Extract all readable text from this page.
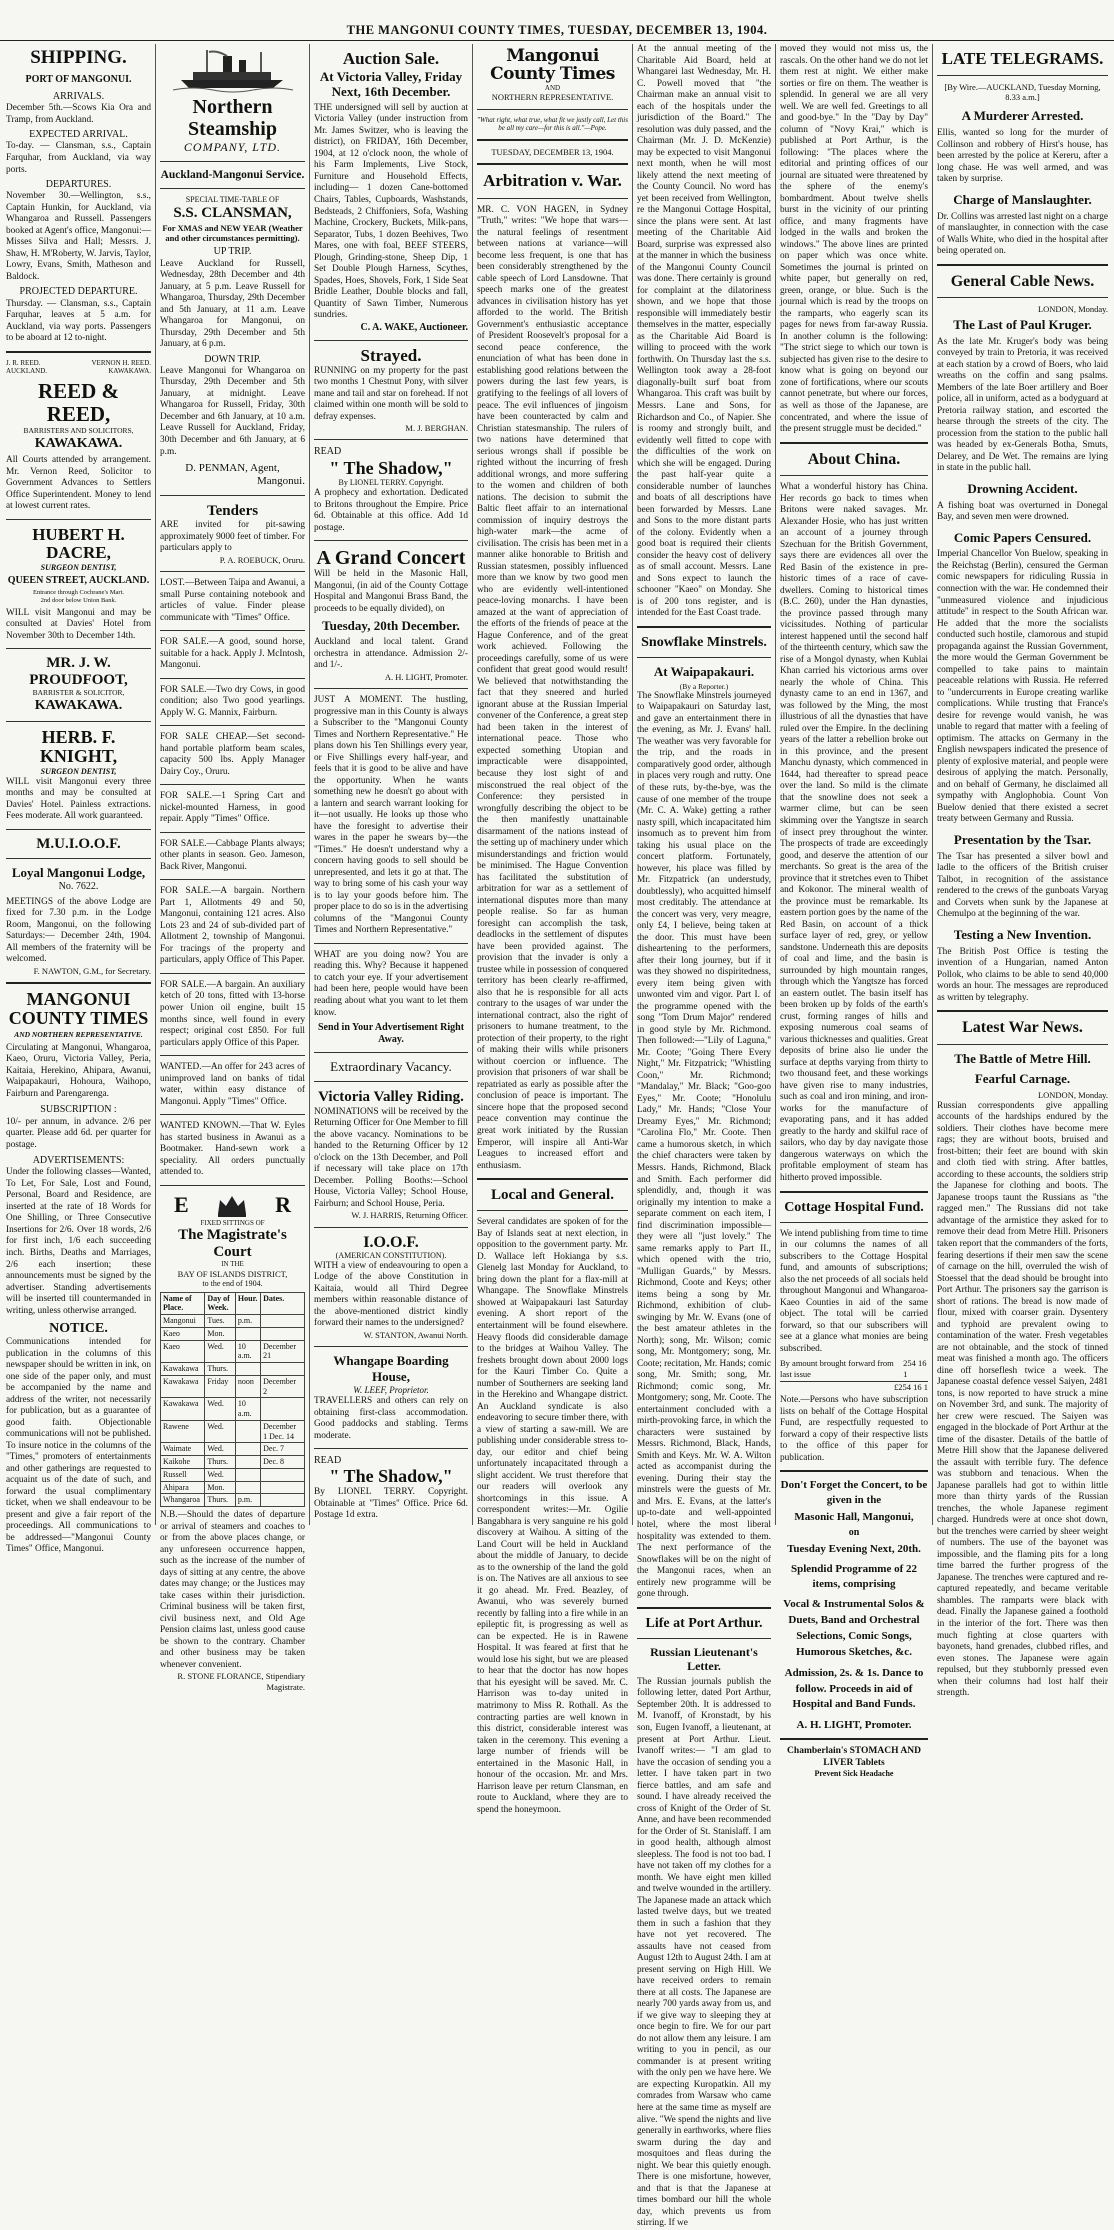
THE MANGONUI COUNTY TIMES, TUESDAY, DECEMBER 13, 1904.
SHIPPING.
PORT OF MANGONUI.
ARRIVALS.
December 5th.—Scows Kia Ora and Tramp, from Auckland.
EXPECTED ARRIVAL.
To-day. — Clansman, s.s., Captain Farquhar, from Auckland, via way ports.
DEPARTURES.
November 30.—Wellington, s.s., Captain Hunkin, for Auckland, via Whangaroa and Russell. Passengers booked at Agent's office, Mangonui:—Misses Silva and Hall; Messrs. J. Shaw, H. M'Roberty, W. Jarvis, Taylor, Lowry, Evans, Smith, Matheson and Baldock.
PROJECTED DEPARTURE.
Thursday. — Clansman, s.s., Captain Farquhar, leaves at 5 a.m. for Auckland, via way ports. Passengers to be aboard at 12 to-night.
J. R. REED.
AUCKLAND.
VERNON H. REED.
KAWAKAWA.
REED & REED,
BARRISTERS AND SOLICITORS,
KAWAKAWA.
All Courts attended by arrangement. Mr. Vernon Reed, Solicitor to Government Advances to Settlers Office Superintendent. Money to lend at lowest current rates.
HUBERT H. DACRE,
SURGEON DENTIST,
QUEEN STREET, AUCKLAND.
Entrance through Cochrane's Mart.
2nd door below Union Bank.
WILL visit Mangonui and may be consulted at Davies' Hotel from November 30th to December 14th.
MR. J. W. PROUDFOOT,
BARRISTER & SOLICITOR,
KAWAKAWA.
HERB. F. KNIGHT,
SURGEON DENTIST,
WILL visit Mangonui every three months and may be consulted at Davies' Hotel. Painless extractions. Fees moderate. All work guaranteed.
M.U.I.O.O.F.
Loyal Mangonui Lodge,
No. 7622.
MEETINGS of the above Lodge are fixed for 7.30 p.m. in the Lodge Room, Mangonui, on the following Saturdays:— December 24th, 1904. All members of the fraternity will be welcomed.
F. NAWTON, G.M., for Secretary.
MANGONUI COUNTY TIMES
AND NORTHERN REPRESENTATIVE.
Circulating at Mangonui, Whangaroa, Kaeo, Oruru, Victoria Valley, Peria, Kaitaia, Herekino, Ahipara, Awanui, Waipapakauri, Hohoura, Waihopo, Fairburn and Parengarenga.
SUBSCRIPTION :
10/- per annum, in advance. 2/6 per quarter. Please add 6d. per quarter for postage.
ADVERTISEMENTS:
Under the following classes—Wanted, To Let, For Sale, Lost and Found, Personal, Board and Residence, are inserted at the rate of 18 Words for One Shilling, or Three Consecutive Insertions for 2/6. Over 18 words, 2/6 for first inch, 1/6 each succeeding inch. Births, Deaths and Marriages, 2/6 each insertion; these announcements must be signed by the advertiser. Standing advertisements will be inserted till countermanded in writing, unless otherwise arranged.
NOTICE.
Communications intended for publication in the columns of this newspaper should be written in ink, on one side of the paper only, and must be accompanied by the name and address of the writer, not necessarily for publication, but as a guarantee of good faith. Objectionable communications will not be published. To insure notice in the columns of the "Times," promoters of entertainments and other gatherings are requested to acquaint us of the date of such, and forward the usual complimentary ticket, when we shall endeavour to be present and give a fair report of the proceedings. All communications to be addressed—"Mangonui County Times" Office, Mangonui.
Northern Steamship
COMPANY, LTD.
Auckland-Mangonui Service.
SPECIAL TIME-TABLE OF
S.S. CLANSMAN,
For XMAS and NEW YEAR (Weather and other circumstances permitting).
UP TRIP.
Leave Auckland for Russell, Wednesday, 28th December and 4th January, at 5 p.m. Leave Russell for Whangaroa, Thursday, 29th December and 5th January, at 11 a.m. Leave Whangaroa for Mangonui, on Thursday, 29th December and 5th January, at 6 p.m.
DOWN TRIP.
Leave Mangonui for Whangaroa on Thursday, 29th December and 5th January, at midnight. Leave Whangaroa for Russell, Friday, 30th December and 6th January, at 10 a.m. Leave Russell for Auckland, Friday, 30th December and 6th January, at 6 p.m.
D. PENMAN, Agent,
Mangonui.
Tenders
ARE invited for pit-sawing approximately 9000 feet of timber. For particulars apply to
P. A. ROEBUCK, Oruru.
LOST.—Between Taipa and Awanui, a small Purse containing notebook and articles of value. Finder please communicate with "Times" Office.
FOR SALE.—A good, sound horse, suitable for a hack. Apply J. McIntosh, Mangonui.
FOR SALE.—Two dry Cows, in good condition; also Two good yearlings. Apply W. G. Mannix, Fairburn.
FOR SALE CHEAP.—Set second-hand portable platform beam scales, capacity 500 lbs. Apply Manager Dairy Coy., Oruru.
FOR SALE.—1 Spring Cart and nickel-mounted Harness, in good repair. Apply "Times" Office.
FOR SALE.—Cabbage Plants always; other plants in season. Geo. Jameson, Back River, Mangonui.
FOR SALE.—A bargain. Northern Part 1, Allotments 49 and 50, Mangonui, containing 121 acres. Also Lots 23 and 24 of sub-divided part of Allotment 2, township of Mangonui. For tracings of the property and particulars, apply Office of This Paper.
FOR SALE.—A bargain. An auxiliary ketch of 20 tons, fitted with 13-horse power Union oil engine, built 15 months since, well found in every respect; original cost £850. For full particulars apply Office of this Paper.
WANTED.—An offer for 243 acres of unimproved land on banks of tidal water, within easy distance of Mangonui. Apply "Times" Office.
WANTED KNOWN.—That W. Eyles has started business in Awanui as a Bootmaker. Hand-sewn work a speciality. All orders punctually attended to.
E	R
FIXED SITTINGS OF
The Magistrate's Court
IN THE
BAY OF ISLANDS DISTRICT,
to the end of 1904.
Name of Place.	Day of Week.	Hour.	Dates.
Mangonui	Tues.	p.m.	
Kaeo	Mon.		
Kaeo	Wed.	10 a.m.	December 21
Kawakawa	Thurs.		
Kawakawa	Friday	noon	December 2
Kawakawa	Wed.	10 a.m.	
Rawene	Wed.		December 1 Dec. 14
Waimate	Wed.		Dec. 7
Kaikohe	Thurs.		Dec. 8
Russell	Wed.		
Ahipara	Mon.		
Whangaroa	Thurs.	p.m.	
N.B.—Should the dates of departure or arrival of steamers and coaches to or from the above places change, or any unforeseen occurrence happen, such as the increase of the number of days of sitting at any centre, the above dates may change; or the Justices may take cases within their jurisdiction. Criminal business will be taken first, civil business next, and Old Age Pension claims last, unless good cause be shown to the contrary. Chamber and other business may be taken whenever convenient.
R. STONE FLORANCE, Stipendiary Magistrate.
Auction Sale.
At Victoria Valley, Friday Next, 16th December.
THE undersigned will sell by auction at Victoria Valley (under instruction from Mr. James Switzer, who is leaving the district), on FRIDAY, 16th December, 1904, at 12 o'clock noon, the whole of his Farm Implements, Live Stock, Furniture and Household Effects, including— 1 dozen Cane-bottomed Chairs, Tables, Cupboards, Washstands, Bedsteads, 2 Chiffoniers, Sofa, Washing Machine, Crockery, Buckets, Milk-pans, Separator, Tubs, 1 dozen Beehives, Two Mares, one with foal, BEEF STEERS, Plough, Grinding-stone, Sheep Dip, 1 Set Double Plough Harness, Scythes, Spades, Hoes, Shovels, Fork, 1 Side Seat Bridle Leather, Double blocks and fall, Quantity of Sawn Timber, Numerous sundries.
C. A. WAKE, Auctioneer.
Strayed.
RUNNING on my property for the past two months 1 Chestnut Pony, with silver mane and tail and star on forehead. If not claimed within one month will be sold to defray expenses.
M. J. BERGHAN.
READ
" The Shadow,"
By LIONEL TERRY. Copyright.
A prophecy and exhortation. Dedicated to Britons throughout the Empire. Price 6d. Obtainable at this office. Add 1d postage.
A Grand Concert
Will be held in the Masonic Hall, Mangonui, (in aid of the County Cottage Hospital and Mangonui Brass Band, the proceeds to be equally divided), on
Tuesday, 20th December.
Auckland and local talent. Grand orchestra in attendance. Admission 2/- and 1/-.
A. H. LIGHT, Promoter.
JUST A MOMENT. The hustling, progressive man in this County is always a Subscriber to the "Mangonui County Times and Northern Representative." He plans down his Ten Shillings every year, or Five Shillings every half-year, and feels that it is good to be alive and have the opportunity. When he wants something new he doesn't go about with a lantern and search warrant looking for it—not usually. He looks up those who have the foresight to advertise their wares in the paper he swears by—the "Times." He doesn't understand why a concern having goods to sell should be unrepresented, and lets it go at that. The way to bring some of his cash your way is to lay your goods before him. The proper place to do so is in the advertising columns of the "Mangonui County Times and Northern Representative."
WHAT are you doing now? You are reading this. Why? Because it happened to catch your eye. If your advertisement had been here, people would have been reading about what you want to let them know.
Send in Your Advertisement Right Away.
Extraordinary Vacancy.
Victoria Valley Riding.
NOMINATIONS will be received by the Returning Officer for One Member to fill the above vacancy. Nominations to be handed to the Returning Officer by 12 o'clock on the 13th December, and Poll if necessary will take place on 17th December. Polling Booths:—School House, Victoria Valley; School House, Fairburn; and School House, Peria.
W. J. HARRIS, Returning Officer.
I.O.O.F.
(AMERICAN CONSTITUTION).
WITH a view of endeavouring to open a Lodge of the above Constitution in Kaitaia, would all Third Degree members within reasonable distance of the above-mentioned district kindly forward their names to the undersigned?
W. STANTON, Awanui North.
Whangape Boarding House,
W. LEEF, Proprietor.
TRAVELLERS and others can rely on obtaining first-class accommodation. Good paddocks and stabling. Terms moderate.
READ
" The Shadow,"
By LIONEL TERRY. Copyright. Obtainable at "Times" Office. Price 6d. Postage 1d extra.
Mangonui County Times
AND
NORTHERN REPRESENTATIVE.
"What right, what true, what fit we justly call, Let this be all my care—for this is all."—Pope.
TUESDAY, DECEMBER 13, 1904.
Arbitration v. War.
MR. C. VON HAGEN, in Sydney "Truth," writes: "We hope that wars—the natural feelings of resentment between nations at variance—will become less frequent, is one that has been considerably strengthened by the cable speech of Lord Lansdowne. That speech marks one of the greatest advances in civilisation history has yet afforded to the world. The British Government's enthusiastic acceptance of President Roosevelt's proposal for a second peace conference, the enunciation of what has been done in establishing good relations between the powers during the last few years, is gratifying to the feelings of all lovers of peace. The evil influences of jingoism have been counteracted by calm and Christian statesmanship. The rulers of two nations have determined that serious wrongs shall if possible be righted without the incurring of fresh additional wrongs, and more suffering to the women and children of both nations. The decision to submit the Baltic fleet affair to an international commission of inquiry destroys the high-water mark—the acme of civilisation. The crisis has been met in a manner alike honorable to British and Russian statesmen, possibly influenced more than we know by two good men who are evidently well-intentioned peace-loving monarchs. I have been amazed at the want of appreciation of the efforts of the friends of peace at the Hague Conference, and of the great work achieved. Following the proceedings carefully, some of us were confident that great good would result! We believed that notwithstanding the fact that they sneered and hurled ignorant abuse at the Russian Imperial convener of the Conference, a great step had been taken in the interest of international peace. Those who expected something Utopian and impracticable were disappointed, because they lost sight of and misconstrued the real object of the Conference: they persisted in wrongfully describing the object to be the then manifestly unattainable disarmament of the nations instead of the setting up of machinery under which misunderstandings and friction would be minimised. The Hague Convention has facilitated the substitution of arbitration for war as a settlement of international disputes more than many people realise. So far as human foresight can accomplish the task, deadlocks in the settlement of disputes have been provided against. The provision that the invader is only a trustee while in possession of conquered territory has been clearly re-affirmed, also that he is responsible for all acts contrary to the usages of war under the international contract, also the right of prisoners to humane treatment, to the protection of their property, to the right of making their wills while prisoners without coercion or influence. The provision that prisoners of war shall be repatriated as early as possible after the conclusion of peace is important. The sincere hope that the proposed second peace convention may continue the great work initiated by the Russian Emperor, will inspire all Anti-War Leagues to increased effort and enthusiasm.
Local and General.
Several candidates are spoken of for the Bay of Islands seat at next election, in opposition to the government party. Mr. D. Wallace left Hokianga by s.s. Glenelg last Monday for Auckland, to bring down the plant for a flax-mill at Whangape. The Snowflake Minstrels showed at Waipapakauri last Saturday evening. A short report of the entertainment will be found elsewhere. Heavy floods did considerable damage to the bridges at Waihou Valley. The freshets brought down about 2000 logs for the Kauri Timber Co. Quite a number of Southerners are seeking land in the Herekino and Whangape district. An Auckland syndicate is also endeavoring to secure timber there, with a view of starting a saw-mill. We are publishing under considerable stress to-day, our editor and chief being unfortunately incapacitated through a slight accident. We trust therefore that our readers will overlook any shortcomings in this issue. A correspondent writes:—Mr. Ogilie Bangabhara is very sanguine re his gold discovery at Waihou. A sitting of the Land Court will be held in Auckland about the middle of January, to decide as to the ownership of the land the gold is on. The Natives are all anxious to see it go ahead. Mr. Fred. Beazley, of Awanui, who was severely burned recently by falling into a fire while in an epileptic fit, is progressing as well as can be expected. He is in Rawene Hospital. It was feared at first that he would lose his sight, but we are pleased to hear that the doctor has now hopes that his eyesight will be saved. Mr. C. Harrison was to-day united in matrimony to Miss R. Rothall. As the contracting parties are well known in this district, considerable interest was taken in the ceremony. This evening a large number of friends will be entertained in the Masonic Hall, in honour of the occasion. Mr. and Mrs. Harrison leave per return Clansman, en route to Auckland, where they are to spend the honeymoon.
At the annual meeting of the Charitable Aid Board, held at Whangarei last Wednesday, Mr. H. C. Powell moved that "the Chairman make an annual visit to each of the hospitals under the jurisdiction of the Board." The resolution was duly passed, and the Chairman (Mr. J. D. McKenzie) may be expected to visit Mangonui next month, when he will most likely attend the next meeting of the County Council. No word has yet been received from Wellington, re the Mangonui Cottage Hospital, since the plans were sent. At last meeting of the Charitable Aid Board, surprise was expressed also at the manner in which the business of the Mangonui County Council was done. There certainly is ground for complaint at the dilatoriness shown, and we hope that those responsible will immediately bestir themselves in the matter, especially as the Charitable Aid Board is willing to proceed with the work forthwith. On Thursday last the s.s. Wellington took away a 28-foot diagonally-built surf boat from Whangaroa. This craft was built by Messrs. Lane and Sons, for Richardson and Co., of Napier. She is roomy and strongly built, and evidently well fitted to cope with the difficulties of the work on which she will be engaged. During the past half-year quite a considerable number of launches and boats of all descriptions have been forwarded by Messrs. Lane and Sons to the more distant parts of the colony. Evidently when a good boat is required their clients consider the heavy cost of delivery as of small account. Messrs. Lane and Sons expect to launch the schooner "Kaeo" on Monday. She is of 200 tons register, and is intended for the East Coast trade.
Snowflake Minstrels.
At Waipapakauri.
(By a Reporter.)
The Snowflake Minstrels journeyed to Waipapakauri on Saturday last, and gave an entertainment there in the evening, as Mr. J. Evans' hall. The weather was very favorable for the trip, and the roads in comparatively good order, although in places very rough and rutty. One of these ruts, by-the-bye, was the cause of one member of the troupe (Mr. C. A. Wake) getting a rather nasty spill, which incapacitated him insomuch as to prevent him from taking his usual place on the concert platform. Fortunately, however, his place was filled by Mr. Fitzpatrick (an understudy, doubtlessly), who acquitted himself most creditably. The attendance at the concert was very, very meagre, only £4, I believe, being taken at the door. This must have been disheartening to the performers, after their long journey, but if it was they showed no dispiritedness, every item being given with unwonted vim and vigor. Part I. of the programme opened with the song "Tom Drum Major" rendered in good style by Mr. Richmond. Then followed:—"Lily of Laguna," Mr. Coote; "Going There Every Night," Mr. Fitzpatrick; "Whistling Coon," Mr. Richmond; "Mandalay," Mr. Black; "Goo-goo Eyes," Mr. Coote; "Honolulu Lady," Mr. Hands; "Close Your Dreamy Eyes," Mr. Richmond; "Carolina Flo," Mr. Coote. Then came a humorous sketch, in which the chief characters were taken by Messrs. Hands, Richmond, Black and Smith. Each performer did splendidly, and, though it was originally my intention to make a separate comment on each item, I find discrimination impossible—they were all "just lovely." The same remarks apply to Part II., which opened with the trio, "Mulligan Guards," by Messrs. Richmond, Coote and Keys; other items being a song by Mr. Richmond, exhibition of club-swinging by Mr. W. Evans (one of the best amateur athletes in the North); song, Mr. Wilson; comic song, Mr. Montgomery; song, Mr. Coote; recitation, Mr. Hands; comic song, Mr. Smith; song, Mr. Richmond; comic song, Mr. Montgomery; song, Mr. Coote. The entertainment concluded with a mirth-provoking farce, in which the characters were sustained by Messrs. Richmond, Black, Hands, Smith and Keys. Mr. W. A. Wilton acted as accompanist during the evening. During their stay the minstrels were the guests of Mr. and Mrs. E. Evans, at the latter's up-to-date and well-appointed hotel, where the most liberal hospitality was extended to them. The next performance of the Snowflakes will be on the night of the Mangonui races, when an entirely new programme will be gone through.
Life at Port Arthur.
Russian Lieutenant's Letter.
The Russian journals publish the following letter, dated Port Arthur, September 20th. It is addressed to M. Ivanoff, of Kronstadt, by his son, Eugen Ivanoff, a lieutenant, at present at Port Arthur. Lieut. Ivanoff writes:— "I am glad to have the occasion of sending you a letter. I have taken part in two fierce battles, and am safe and sound. I have already received the cross of Knight of the Order of St. Anne, and have been recommended for the Order of St. Stanislaff. I am in good health, although almost sleepless. The food is not too bad. I have not taken off my clothes for a month. We have eight men killed and twelve wounded in the artillery. The Japanese made an attack which lasted twelve days, but we treated them in such a fashion that they have not yet recovered. The assaults have not ceased from August 12th to August 24th. I am at present serving on High Hill. We have received orders to remain there at all costs. The Japanese are nearly 700 yards away from us, and if we give way to sleeping they at once begin to fire. We for our part do not allow them any leisure. I am writing to you in pencil, as our commander is at present writing with the only pen we have here. We are expecting Kuropatkin. All my comrades from Warsaw who came here at the same time as myself are alive. "We spend the nights and live generally in earthworks, where flies swarm during the day and mosquitoes and fleas during the night. We bear this quietly enough. There is one misfortune, however, and that is that the Japanese at times bombard our hill the whole day, which prevents us from stirring. If we
moved they would not miss us, the rascals. On the other hand we do not let them rest at night. We either make sorties or fire on them. The weather is splendid. In general we are all very well. We are well fed. Greetings to all and good-bye." In the "Day by Day" column of "Novy Krai," which is published at Port Arthur, is the following: "The places where the editorial and printing offices of our journal are situated were threatened by the sphere of the enemy's bombardment. About twelve shells burst in the vicinity of our printing office, and many fragments have lodged in the walls and broken the windows." The above lines are printed on paper which was once white. Sometimes the journal is printed on white paper, but generally on red, green, orange, or blue. Such is the journal which is read by the troops on the ramparts, who eagerly scan its pages for news from far-away Russia. In another column is the following: "The strict siege to which our town is subjected has given rise to the desire to know what is going on beyond our zone of fortifications, where our scouts cannot penetrate, but where our forces, as well as those of the Japanese, are concentrated, and where the issue of the present struggle must be decided."
About China.
What a wonderful history has China. Her records go back to times when Britons were naked savages. Mr. Alexander Hosie, who has just written an account of a journey through Szechuan for the British Government, says there are evidences all over the Red Basin of the existence in pre-historic times of a race of cave-dwellers. Coming to historical times (B.C. 260), under the Han dynasties, the province passed through many vicissitudes. Nothing of particular interest happened until the second half of the thirteenth century, which saw the rise of a Mongol dynasty, when Kublai Khan carried his victorious arms over nearly the whole of China. This dynasty came to an end in 1367, and was followed by the Ming, the most illustrious of all the dynasties that have ruled over the Empire. In the declining years of the latter a rebellion broke out in this province, and the present Manchu dynasty, which commenced in 1644, had thereafter to spread peace over the land. So mild is the climate that the snowline does not seek a warmer clime, but can be seen skimming over the Yangtsze in search of insect prey throughout the winter. The prospects of trade are exceedingly good, and deserve the attention of our merchants. So great is the area of the province that it stretches even to Thibet and Kokonor. The mineral wealth of the province must be remarkable. Its eastern portion goes by the name of the Red Basin, on account of a thick surface layer of red, grey, or yellow sandstone. Underneath this are deposits of coal and lime, and the basin is surrounded by high mountain ranges, through which the Yangtsze has forced an eastern outlet. The basin itself has been broken up by folds of the earth's crust, forming ranges of hills and exposing numerous coal seams of various thicknesses and qualities. Great deposits of brine also lie under the surface at depths varying from thirty to two thousand feet, and these workings have given rise to many industries, such as coal and iron mining, and iron-works for the manufacture of evaporating pans, and it has added greatly to the hardy and skilful race of sailors, who day by day navigate those dangerous waterways on which the profitable employment of steam has hitherto proved impossible.
Cottage Hospital Fund.
We intend publishing from time to time in our columns the names of all subscribers to the Cottage Hospital fund, and amounts of subscriptions; also the net proceeds of all socials held throughout Mangonui and Whangaroa-Kaeo Counties in aid of the same object. The total will be carried forward, so that our subscribers will see at a glance what monies are being subscribed.
By amount brought forward from last issue
254 16 1
£254 16 1
Note.—Persons who have subscription lists on behalf of the Cottage Hospital Fund, are respectfully requested to forward a copy of their respective lists to the office of this paper for publication.
Don't Forget the Concert, to be given in the
Masonic Hall, Mangonui,
on
Tuesday Evening Next, 20th.
Splendid Programme of 22 items, comprising
Vocal & Instrumental Solos & Duets, Band and Orchestral Selections, Comic Songs, Humorous Sketches, &c.
Admission, 2s. & 1s. Dance to follow. Proceeds in aid of Hospital and Band Funds.
A. H. LIGHT, Promoter.
Chamberlain's STOMACH AND LIVER Tablets
Prevent Sick Headache
LATE TELEGRAMS.
[By Wire.—AUCKLAND, Tuesday Morning, 8.33 a.m.]
A Murderer Arrested.
Ellis, wanted so long for the murder of Collinson and robbery of Hirst's house, has been arrested by the police at Kereru, after a long chase. He was well armed, and was taken by surprise.
Charge of Manslaughter.
Dr. Collins was arrested last night on a charge of manslaughter, in connection with the case of Walls White, who died in the hospital after being operated on.
General Cable News.
LONDON, Monday.
The Last of Paul Kruger.
As the late Mr. Kruger's body was being conveyed by train to Pretoria, it was received at each station by a crowd of Boers, who laid wreaths on the coffin and sang psalms. Members of the late Boer artillery and Boer police, all in uniform, acted as a bodyguard at Pretoria railway station, and escorted the hearse through the streets of the city. The procession from the station to the public hall was headed by ex-Generals Botha, Smuts, Delarey, and De Wet. The remains are lying in state in the public hall.
Drowning Accident.
A fishing boat was overturned in Donegal Bay, and seven men were drowned.
Comic Papers Censured.
Imperial Chancellor Von Buelow, speaking in the Reichstag (Berlin), censured the German comic newspapers for ridiculing Russia in connection with the war. He condemned their "unmeasured violence and injudicious attitude" in respect to the South African war. He added that the more the socialists conducted such hostile, clamorous and stupid propaganda against the Russian Government, the more would the German Government be compelled to take pains to maintain peaceable relations with Russia. He referred to "undercurrents in Europe creating warlike complications. While trusting that France's desire for revenge would vanish, he was unable to regard that matter with a feeling of optimism. The attacks on Germany in the English newspapers indicated the presence of plenty of explosive material, and people were desirous of applying the match. Personally, and on behalf of Germany, he disclaimed all sympathy with Anglophobia. Count Von Buelow denied that there existed a secret treaty between Germany and Russia.
Presentation by the Tsar.
The Tsar has presented a silver bowl and ladle to the officers of the British cruiser Talbot, in recognition of the assistance rendered to the crews of the gunboats Varyag and Corvets when sunk by the Japanese at Chemulpo at the beginning of the war.
Testing a New Invention.
The British Post Office is testing the invention of a Hungarian, named Anton Pollok, who claims to be able to send 40,000 words an hour. The messages are reproduced as written by telegraphy.
Latest War News.
The Battle of Metre Hill.
Fearful Carnage.
LONDON, Monday.
Russian correspondents give appalling accounts of the hardships endured by the soldiers. Their clothes have become mere rags; they are without boots, bruised and frost-bitten; their feet are bound with skin and cloth tied with string. After battles, according to these accounts, the soldiers strip the Japanese for clothing and boots. The Japanese troops taunt the Russians as "the ragged men." The Russians did not take advantage of the armistice they asked for to remove their dead from Metre Hill. Prisoners taken report that the commanders of the forts, fearing desertions if their men saw the scene of carnage on the hill, overruled the wish of Stoessel that the dead should be brought into Port Arthur. The prisoners say the garrison is short of rations. The bread is now made of flour, mixed with coarser grain. Dysentery and typhoid are prevalent owing to contamination of the water. Fresh vegetables are not obtainable, and the stock of tinned meat was finished a month ago. The officers dine off horseflesh twice a week. The Japanese coastal defence vessel Saiyen, 2481 tons, is now reported to have struck a mine on November 3rd, and sunk. The majority of her crew were rescued. The Saiyen was engaged in the blockade of Port Arthur at the time of the disaster. Details of the battle of Metre Hill show that the Japanese delivered the assault with terrible fury. The defence was stubborn and tenacious. When the Japanese parallels had got to within little more than thirty yards of the Russian trenches, the whole Japanese regiment charged. Hundreds were at once shot down, but the trenches were carried by sheer weight of numbers. The use of the bayonet was impossible, and the flaming pits for a long time barred the further progress of the Japanese. The trenches were captured and re-captured repeatedly, and became veritable shambles. The ramparts were black with dead. Finally the Japanese gained a foothold in the interior of the fort. There was then much fighting at close quarters with bayonets, hand grenades, clubbed rifles, and even stones. The Japanese were again repulsed, but they stubbornly pressed even when their columns had lost half their strength.
